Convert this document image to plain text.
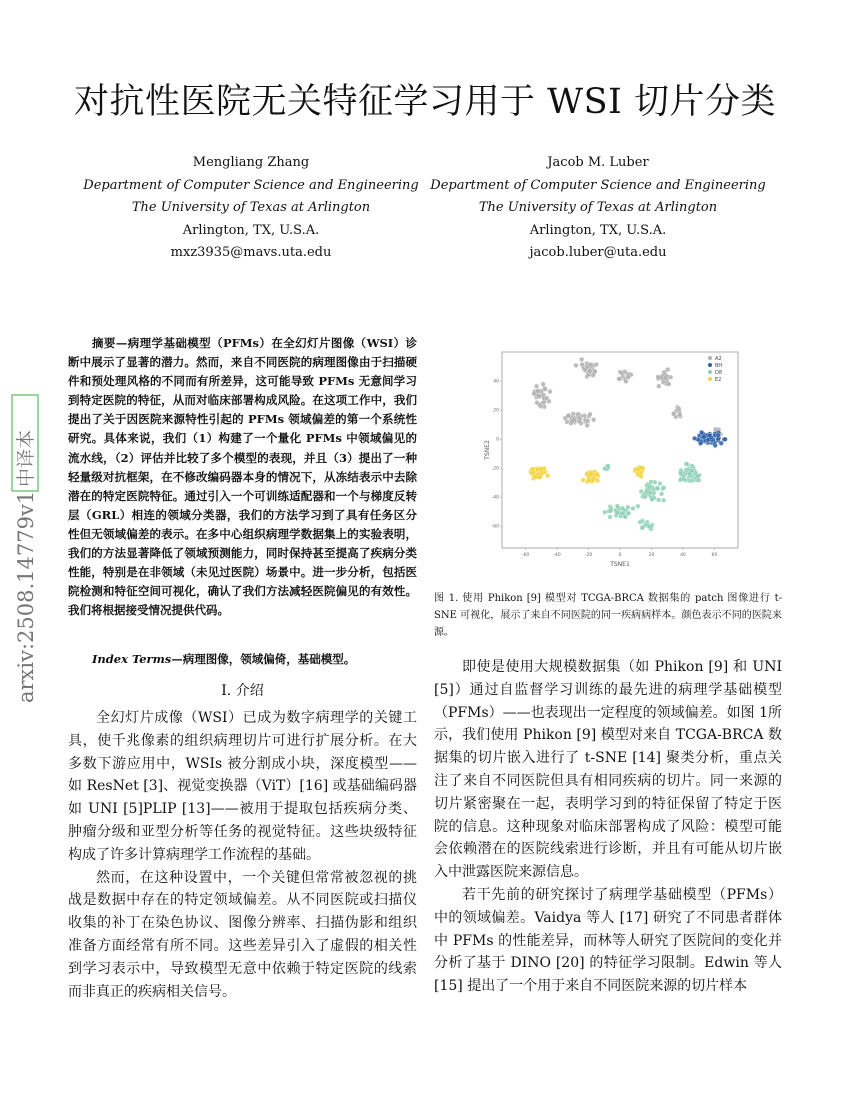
对抗性医院无关特征学习用于 WSI 切片分类
Mengliang Zhang
Department of Computer Science and Engineering
The University of Texas at Arlington
Arlington, TX, U.S.A.
mxz3935@mavs.uta.edu
Jacob M. Luber
Department of Computer Science and Engineering
The University of Texas at Arlington
Arlington, TX, U.S.A.
jacob.luber@uta.edu
arxiv:2508.14779v1
中译本
摘要—病理学基础模型（PFMs）在全幻灯片图像（WSI）诊断中展示了显著的潜力。然而，来自不同医院的病理图像由于扫描硬件和预处理风格的不同而有所差异，这可能导致 PFMs 无意间学习到特定医院的特征，从而对临床部署构成风险。在这项工作中，我们提出了关于因医院来源特性引起的 PFMs 领域偏差的第一个系统性研究。具体来说，我们（1）构建了一个量化 PFMs 中领域偏见的流水线，（2）评估并比较了多个模型的表现，并且（3）提出了一种轻量级对抗框架，在不修改编码器本身的情况下，从冻结表示中去除潜在的特定医院特征。通过引入一个可训练适配器和一个与梯度反转层（GRL）相连的领域分类器，我们的方法学习到了具有任务区分性但无领域偏差的表示。在多中心组织病理学数据集上的实验表明，我们的方法显著降低了领域预测能力，同时保持甚至提高了疾病分类性能，特别是在非领域（未见过医院）场景中。进一步分析，包括医院检测和特征空间可视化，确认了我们方法减轻医院偏见的有效性。我们将根据接受情况提供代码。
Index Terms—病理图像，领域偏倚，基础模型。
I. 介绍

全幻灯片成像（WSI）已成为数字病理学的关键工具，使千兆像素的组织病理切片可进行扩展分析。在大多数下游应用中，WSIs 被分割成小块，深度模型——如 ResNet [3]、视觉变换器（ViT）[16] 或基础编码器如 UNI [5]PLIP [13]——被用于提取包括疾病分类、肿瘤分级和亚型分析等任务的视觉特征。这些块级特征构成了许多计算病理学工作流程的基础。

然而，在这种设置中，一个关键但常常被忽视的挑战是数据中存在的特定领域偏差。从不同医院或扫描仪收集的补丁在染色协议、图像分辨率、扫描伪影和组织准备方面经常有所不同。这些差异引入了虚假的相关性到学习表示中，导致模型无意中依赖于特定医院的线索而非真正的疾病相关信号。

-60	-40	-20	0	20	40	60
40
20
0
-20
-40
-60
TSNE1
TSNE2
A2
BH
D8
E2
图 1. 使用 Phikon [9] 模型对 TCGA-BRCA 数据集的 patch 图像进行 t-SNE 可视化，展示了来自不同医院的同一疾病病样本。颜色表示不同的医院来源。

即使是使用大规模数据集（如 Phikon [9] 和 UNI [5]）通过自监督学习训练的最先进的病理学基础模型（PFMs）——也表现出一定程度的领域偏差。如图 1所示，我们使用 Phikon [9] 模型对来自 TCGA-BRCA 数据集的切片嵌入进行了 t-SNE [14] 聚类分析，重点关注了来自不同医院但具有相同疾病的切片。同一来源的切片紧密聚在一起，表明学习到的特征保留了特定于医院的信息。这种现象对临床部署构成了风险：模型可能会依赖潜在的医院线索进行诊断，并且有可能从切片嵌入中泄露医院来源信息。

若干先前的研究探讨了病理学基础模型（PFMs）中的领域偏差。Vaidya 等人 [17] 研究了不同患者群体中 PFMs 的性能差异，而林等人研究了医院间的变化并分析了基于 DINO [20] 的特征学习限制。Edwin 等人 [15] 提出了一个用于来自不同医院来源的切片样本
